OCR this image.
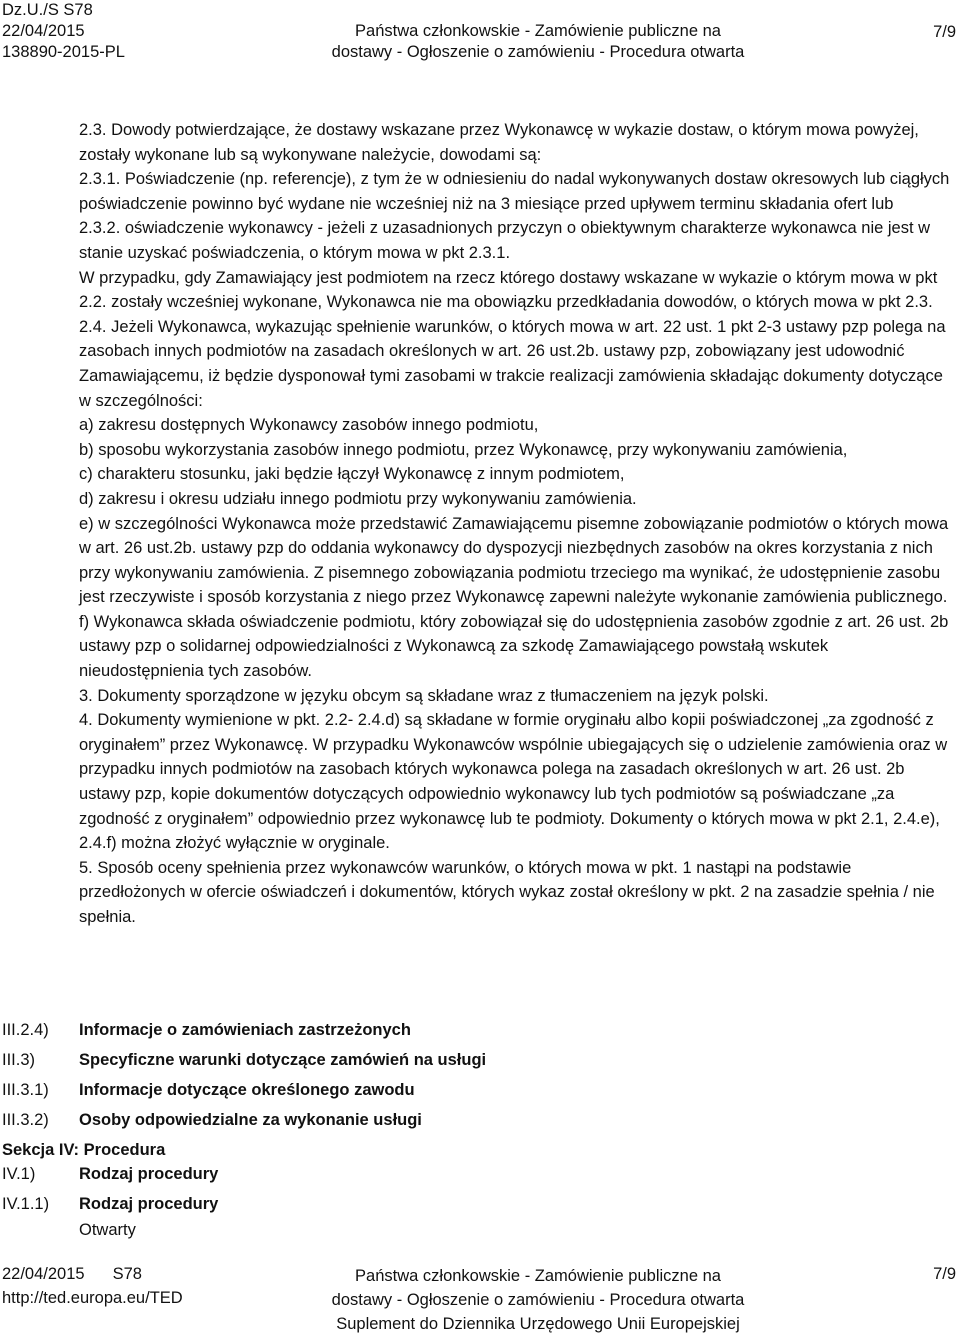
Dz.U./S S78
22/04/2015
138890-2015-PL
Państwa członkowskie - Zamówienie publiczne na
dostawy - Ogłoszenie o zamówieniu - Procedura otwarta
7/9

2.3. Dowody potwierdzające, że dostawy wskazane przez Wykonawcę w wykazie dostaw, o którym mowa powyżej, zostały wykonane lub są wykonywane należycie, dowodami są:

2.3.1. Poświadczenie (np. referencje), z tym że w odniesieniu do nadal wykonywanych dostaw okresowych lub ciągłych poświadczenie powinno być wydane nie wcześniej niż na 3 miesiące przed upływem terminu składania ofert lub

2.3.2. oświadczenie wykonawcy - jeżeli z uzasadnionych przyczyn o obiektywnym charakterze wykonawca nie jest w stanie uzyskać poświadczenia, o którym mowa w pkt 2.3.1.

W przypadku, gdy Zamawiający jest podmiotem na rzecz którego dostawy wskazane w wykazie o którym mowa w pkt 2.2. zostały wcześniej wykonane, Wykonawca nie ma obowiązku przedkładania dowodów, o których mowa w pkt 2.3.

2.4. Jeżeli Wykonawca, wykazując spełnienie warunków, o których mowa w art. 22 ust. 1 pkt 2-3 ustawy pzp polega na zasobach innych podmiotów na zasadach określonych w art. 26 ust.2b. ustawy pzp, zobowiązany jest udowodnić Zamawiającemu, iż będzie dysponował tymi zasobami w trakcie realizacji zamówienia składając dokumenty dotyczące w szczególności:

a) zakresu dostępnych Wykonawcy zasobów innego podmiotu,

b) sposobu wykorzystania zasobów innego podmiotu, przez Wykonawcę, przy wykonywaniu zamówienia,

c) charakteru stosunku, jaki będzie łączył Wykonawcę z innym podmiotem,

d) zakresu i okresu udziału innego podmiotu przy wykonywaniu zamówienia.

e) w szczególności Wykonawca może przedstawić Zamawiającemu pisemne zobowiązanie podmiotów o których mowa w art. 26 ust.2b. ustawy pzp do oddania wykonawcy do dyspozycji niezbędnych zasobów na okres korzystania z nich przy wykonywaniu zamówienia. Z pisemnego zobowiązania podmiotu trzeciego ma wynikać, że udostępnienie zasobu jest rzeczywiste i sposób korzystania z niego przez Wykonawcę zapewni należyte wykonanie zamówienia publicznego.

f) Wykonawca składa oświadczenie podmiotu, który zobowiązał się do udostępnienia zasobów zgodnie z art. 26 ust. 2b ustawy pzp o solidarnej odpowiedzialności z Wykonawcą za szkodę Zamawiającego powstałą wskutek nieudostępnienia tych zasobów.

3. Dokumenty sporządzone w języku obcym są składane wraz z tłumaczeniem na język polski.

4. Dokumenty wymienione w pkt. 2.2- 2.4.d) są składane w formie oryginału albo kopii poświadczonej „za zgodność z oryginałem” przez Wykonawcę. W przypadku Wykonawców wspólnie ubiegających się o udzielenie zamówienia oraz w przypadku innych podmiotów na zasobach których wykonawca polega na zasadach określonych w art. 26 ust. 2b ustawy pzp, kopie dokumentów dotyczących odpowiednio wykonawcy lub tych podmiotów są poświadczane „za zgodność z oryginałem” odpowiednio przez wykonawcę lub te podmioty. Dokumenty o których mowa w pkt 2.1, 2.4.e), 2.4.f) można złożyć wyłącznie w oryginale.

5. Sposób oceny spełnienia przez wykonawców warunków, o których mowa w pkt. 1 nastąpi na podstawie przedłożonych w ofercie oświadczeń i dokumentów, których wykaz został określony w pkt. 2 na zasadzie spełnia / nie spełnia.

III.2.4) Informacje o zamówieniach zastrzeżonych
III.3)	Specyficzne warunki dotyczące zamówień na usługi
III.3.1) Informacje dotyczące określonego zawodu
III.3.2) Osoby odpowiedzialne za wykonanie usługi
Sekcja IV: Procedura
IV.1)	Rodzaj procedury
IV.1.1) Rodzaj procedury
Otwarty
22/04/2015 S78
http://ted.europa.eu/TED
Państwa członkowskie - Zamówienie publiczne na
dostawy - Ogłoszenie o zamówieniu - Procedura otwarta
Suplement do Dziennika Urzędowego Unii Europejskiej
7/9
